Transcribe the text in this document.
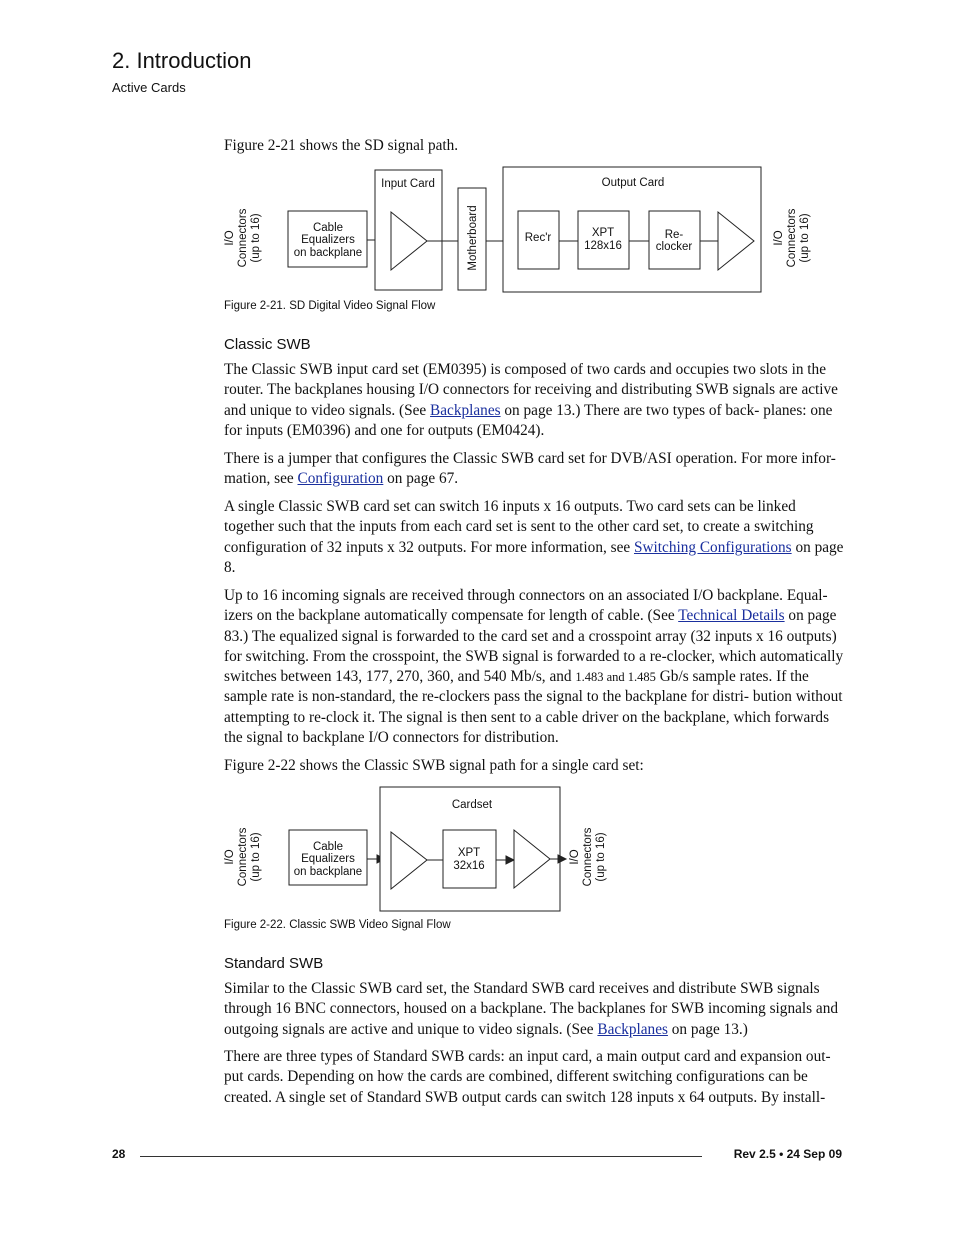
2. Introduction

Active Cards

Figure 2-21 shows the SD signal path.

I/O Connectors (up to 16)	Cable
Equalizers
on backplane
Input Card
Motherboard
Output Card
Rec'r	XPT
128x16
Re-
clocker
I/O Connectors (up to 16)

Figure 2-21. SD Digital Video Signal Flow

Classic SWB

The Classic SWB input card set (EM0395) is composed of two cards and occupies two slots in the router. The backplanes housing I/O connectors for receiving and distributing SWB signals are active and unique to video signals. (See Backplanes on page 13.) There are two types of back- planes: one for inputs (EM0396) and one for outputs (EM0424).

There is a jumper that configures the Classic SWB card set for DVB/ASI operation. For more infor- mation, see Configuration on page 67.

A single Classic SWB card set can switch 16 inputs x 16 outputs. Two card sets can be linked together such that the inputs from each card set is sent to the other card set, to create a switching configuration of 32 inputs x 32 outputs. For more information, see Switching Configurations on page 8.

Up to 16 incoming signals are received through connectors on an associated I/O backplane. Equal- izers on the backplane automatically compensate for length of cable. (See Technical Details on page 83.) The equalized signal is forwarded to the card set and a crosspoint array (32 inputs x 16 outputs) for switching. From the crosspoint, the SWB signal is forwarded to a re-clocker, which automatically switches between 143, 177, 270, 360, and 540 Mb/s, and 1.483 and 1.485 Gb/s sample rates. If the sample rate is non-standard, the re-clockers pass the signal to the backplane for distri- bution without attempting to re-clock it. The signal is then sent to a cable driver on the backplane, which forwards the signal to backplane I/O connectors for distribution.

Figure 2-22 shows the Classic SWB signal path for a single card set:

I/O Connectors (up to 16)	Cable
Equalizers
on backplane
Cardset
XPT
32x16
I/O Connectors (up to 16)

Figure 2-22. Classic SWB Video Signal Flow

Standard SWB

Similar to the Classic SWB card set, the Standard SWB card receives and distribute SWB signals through 16 BNC connectors, housed on a backplane. The backplanes for SWB incoming signals and outgoing signals are active and unique to video signals. (See Backplanes on page 13.)

There are three types of Standard SWB cards: an input card, a main output card and expansion out- put cards. Depending on how the cards are combined, different switching configurations can be created. A single set of Standard SWB output cards can switch 128 inputs x 64 outputs. By install-

28	Rev 2.5 • 24 Sep 09
